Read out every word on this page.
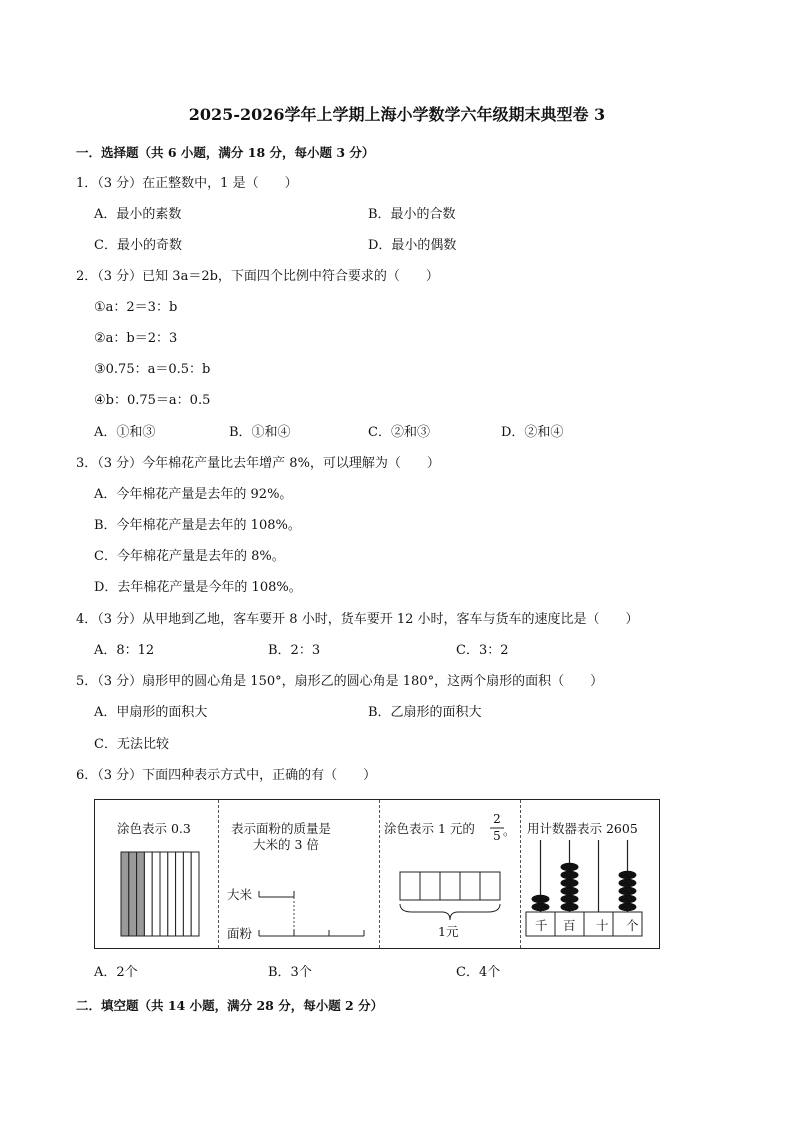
2025-2026学年上学期上海小学数学六年级期末典型卷 3
一．选择题（共 6 小题，满分 18 分，每小题 3 分）
1．（3 分）在正整数中，1 是（　　）
A．最小的素数	B．最小的合数
C．最小的奇数	D．最小的偶数
2．（3 分）已知 3a＝2b，下面四个比例中符合要求的（　　）
①a：2＝3：b
②a：b＝2：3
③0.75：a＝0.5：b
④b：0.75＝a：0.5
A．①和③	B．①和④	C．②和③	D．②和④
3．（3 分）今年棉花产量比去年增产 8%，可以理解为（　　）
A．今年棉花产量是去年的 92%。
B．今年棉花产量是去年的 108%。
C．今年棉花产量是去年的 8%。
D．去年棉花产量是今年的 108%。
4．（3 分）从甲地到乙地，客车要开 8 小时，货车要开 12 小时，客车与货车的速度比是（　　）
A．8：12	B．2：3	C．3：2
5．（3 分）扇形甲的圆心角是 150°，扇形乙的圆心角是 180°，这两个扇形的面积（　　）
A．甲扇形的面积大	B．乙扇形的面积大
C．无法比较
6．（3 分）下面四种表示方式中，正确的有（　　）
涂色表示 0.3	表示面粉的质量是
大米的 3 倍
大米
面粉
涂色表示 1 元的
2
5 。
1元
用计数器表示 2605
千 百 十 个
A．2个	B．3个	C．4个
二．填空题（共 14 小题，满分 28 分，每小题 2 分）
